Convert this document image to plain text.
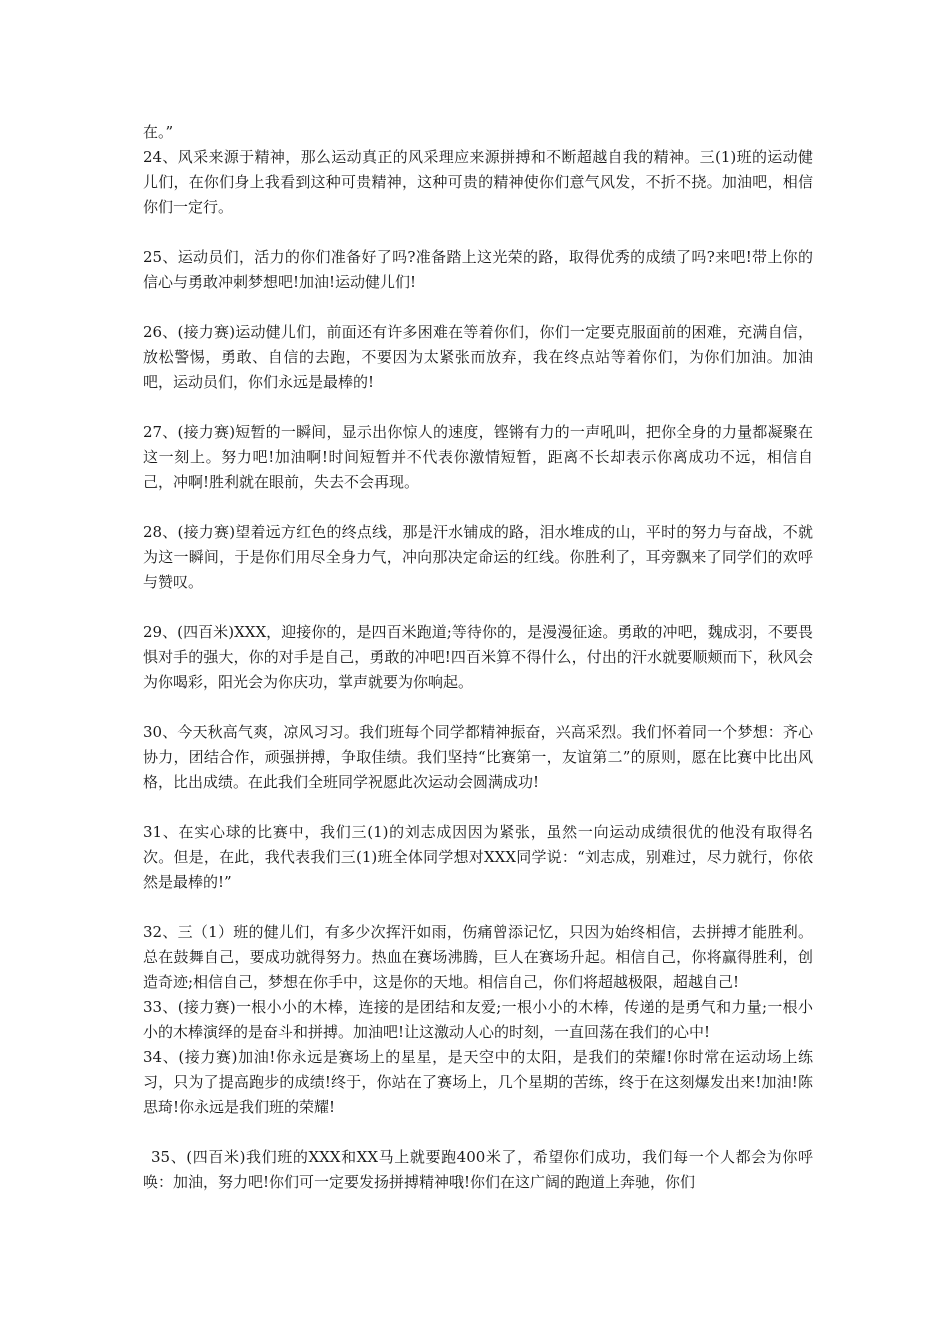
在。”

24、风采来源于精神，那么运动真正的风采理应来源拼搏和不断超越自我的精神。三(1)班的运动健儿们，在你们身上我看到这种可贵精神，这种可贵的精神使你们意气风发，不折不挠。加油吧，相信你们一定行。

25、运动员们，活力的你们准备好了吗?准备踏上这光荣的路，取得优秀的成绩了吗?来吧!带上你的信心与勇敢冲刺梦想吧!加油!运动健儿们!

26、(接力赛)运动健儿们，前面还有许多困难在等着你们，你们一定要克服面前的困难，充满自信，放松警惕，勇敢、自信的去跑，不要因为太紧张而放弃，我在终点站等着你们，为你们加油。加油吧，运动员们，你们永远是最棒的!

27、(接力赛)短暂的一瞬间，显示出你惊人的速度，铿锵有力的一声吼叫，把你全身的力量都凝聚在这一刻上。努力吧!加油啊!时间短暂并不代表你激情短暂，距离不长却表示你离成功不远，相信自己，冲啊!胜利就在眼前，失去不会再现。

28、(接力赛)望着远方红色的终点线，那是汗水铺成的路，泪水堆成的山，平时的努力与奋战，不就为这一瞬间，于是你们用尽全身力气，冲向那决定命运的红线。你胜利了，耳旁飘来了同学们的欢呼与赞叹。

29、(四百米)XXX，迎接你的，是四百米跑道;等待你的，是漫漫征途。勇敢的冲吧，魏成羽，不要畏惧对手的强大，你的对手是自己，勇敢的冲吧!四百米算不得什么，付出的汗水就要顺颊而下，秋风会为你喝彩，阳光会为你庆功，掌声就要为你响起。

30、今天秋高气爽，凉风习习。我们班每个同学都精神振奋，兴高采烈。我们怀着同一个梦想：齐心协力，团结合作，顽强拼搏，争取佳绩。我们坚持“比赛第一，友谊第二”的原则，愿在比赛中比出风格，比出成绩。在此我们全班同学祝愿此次运动会圆满成功!

31、在实心球的比赛中，我们三(1)的刘志成因因为紧张，虽然一向运动成绩很优的他没有取得名次。但是，在此，我代表我们三(1)班全体同学想对XXX同学说：“刘志成，别难过，尽力就行，你依然是最棒的!”

32、三（1）班的健儿们，有多少次挥汗如雨，伤痛曾添记忆，只因为始终相信，去拼搏才能胜利。总在鼓舞自己，要成功就得努力。热血在赛场沸腾，巨人在赛场升起。相信自己，你将赢得胜利，创造奇迹;相信自己，梦想在你手中，这是你的天地。相信自己，你们将超越极限，超越自己!

33、(接力赛)一根小小的木棒，连接的是团结和友爱;一根小小的木棒，传递的是勇气和力量;一根小小的木棒演绎的是奋斗和拼搏。加油吧!让这激动人心的时刻，一直回荡在我们的心中!

34、(接力赛)加油!你永远是赛场上的星星，是天空中的太阳，是我们的荣耀!你时常在运动场上练习，只为了提高跑步的成绩!终于，你站在了赛场上，几个星期的苦练，终于在这刻爆发出来!加油!陈思琦!你永远是我们班的荣耀!

35、(四百米)我们班的XXX和XX马上就要跑400米了，希望你们成功，我们每一个人都会为你呼唤：加油，努力吧!你们可一定要发扬拼搏精神哦!你们在这广阔的跑道上奔驰，你们
